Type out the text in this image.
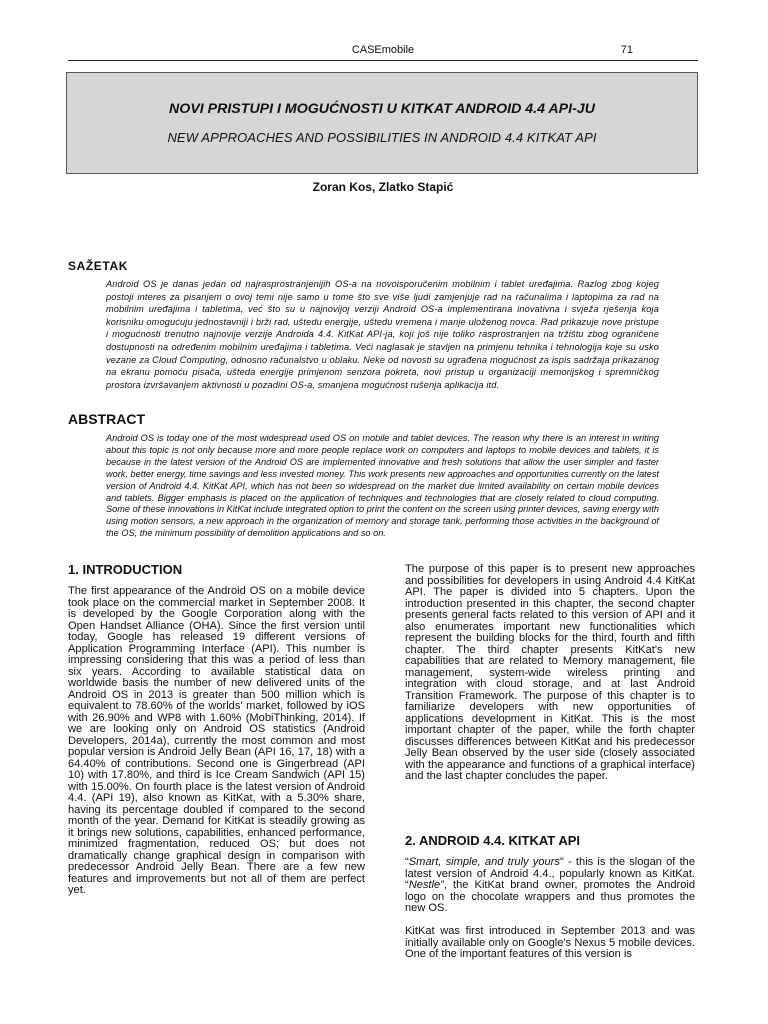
CASEmobile	71
NOVI PRISTUPI I MOGUĆNOSTI U KITKAT ANDROID 4.4 API-JU
NEW APPROACHES AND POSSIBILITIES IN ANDROID 4.4 KITKAT API
Zoran Kos, Zlatko Stapić
SAŽETAK

Android OS je danas jedan od najrasprostranjenijih OS-a na novoisporučenim mobilnim i tablet uređajima. Razlog zbog kojeg postoji interes za pisanjem o ovoj temi nije samo u tome što sve više ljudi zamjenjuje rad na računalima i laptopima za rad na mobilnim uređajima i tabletima, već što su u najnovijoj verziji Android OS-a implementirana inovativna i svježa rješenja koja korisniku omogućuju jednostavniji i brži rad, uštedu energije, uštedu vremena i manje uloženog novca. Rad prikazuje nove pristupe i mogućnosti trenutno najnovije verzije Androida 4.4. KitKat API-ja, koji još nije toliko rasprostranjen na tržištu zbog ograničene dostupnosti na određenim mobilnim uređajima i tabletima. Veći naglasak je stavljen na primjenu tehnika i tehnologija koje su usko vezane za Cloud Computing, odnosno računalstvo u oblaku. Neke od novosti su ugrađena mogućnost za ispis sadržaja prikazanog na ekranu pomoću pisača, ušteda energije primjenom senzora pokreta, novi pristup u organizaciji memorijskog i spremničkog prostora izvršavanjem aktivnosti u pozadini OS-a, smanjena mogućnost rušenja aplikacija itd.

ABSTRACT

Android OS is today one of the most widespread used OS on mobile and tablet devices. The reason why there is an interest in writing about this topic is not only because more and more people replace work on computers and laptops to mobile devices and tablets, it is because in the latest version of the Android OS are implemented innovative and fresh solutions that allow the user simpler and faster work, better energy, time savings and less invested money. This work presents new approaches and opportunities currently on the latest version of Android 4.4. KitKat API, which has not been so widespread on the market due limited availability on certain mobile devices and tablets. Bigger emphasis is placed on the application of techniques and technologies that are closely related to cloud computing. Some of these innovations in KitKat include integrated option to print the content on the screen using printer devices, saving energy with using motion sensors, a new approach in the organization of memory and storage tank, performing those activities in the background of the OS, the minimum possibility of demolition applications and so on.

1. INTRODUCTION

The first appearance of the Android OS on a mobile device took place on the commercial market in September 2008. It is developed by the Google Corporation along with the Open Handset Alliance (OHA). Since the first version until today, Google has released 19 different versions of Application Programming Interface (API). This number is impressing considering that this was a period of less than six years. According to available statistical data on worldwide basis the number of new delivered units of the Android OS in 2013 is greater than 500 million which is equivalent to 78.60% of the worlds' market, followed by iOS with 26.90% and WP8 with 1.60% (MobiThinking, 2014). If we are looking only on Android OS statistics (Android Developers, 2014a), currently the most common and most popular version is Android Jelly Bean (API 16, 17, 18) with a 64.40% of contributions. Second one is Gingerbread (API 10) with 17.80%, and third is Ice Cream Sandwich (API 15) with 15.00%. On fourth place is the latest version of Android 4.4. (API 19), also known as KitKat, with a 5.30% share, having its percentage doubled if compared to the second month of the year. Demand for KitKat is steadily growing as it brings new solutions, capabilities, enhanced performance, minimized fragmentation, reduced OS; but does not dramatically change graphical design in comparison with predecessor Android Jelly Bean. There are a few new features and improvements but not all of them are perfect yet.

The purpose of this paper is to present new approaches and possibilities for developers in using Android 4.4 KitKat API. The paper is divided into 5 chapters. Upon the introduction presented in this chapter, the second chapter presents general facts related to this version of API and it also enumerates important new functionalities which represent the building blocks for the third, fourth and fifth chapter. The third chapter presents KitKat's new capabilities that are related to Memory management, file management, system-wide wireless printing and integration with cloud storage, and at last Android Transition Framework. The purpose of this chapter is to familiarize developers with new opportunities of applications development in KitKat. This is the most important chapter of the paper, while the forth chapter discusses differences between KitKat and his predecessor Jelly Bean observed by the user side (closely associated with the appearance and functions of a graphical interface) and the last chapter concludes the paper.

2. ANDROID 4.4. KITKAT API

“Smart, simple, and truly yours" - this is the slogan of the latest version of Android 4.4., popularly known as KitKat. “Nestle”, the KitKat brand owner, promotes the Android logo on the chocolate wrappers and thus promotes the new OS.

KitKat was first introduced in September 2013 and was initially available only on Google's Nexus 5 mobile devices. One of the important features of this version is
